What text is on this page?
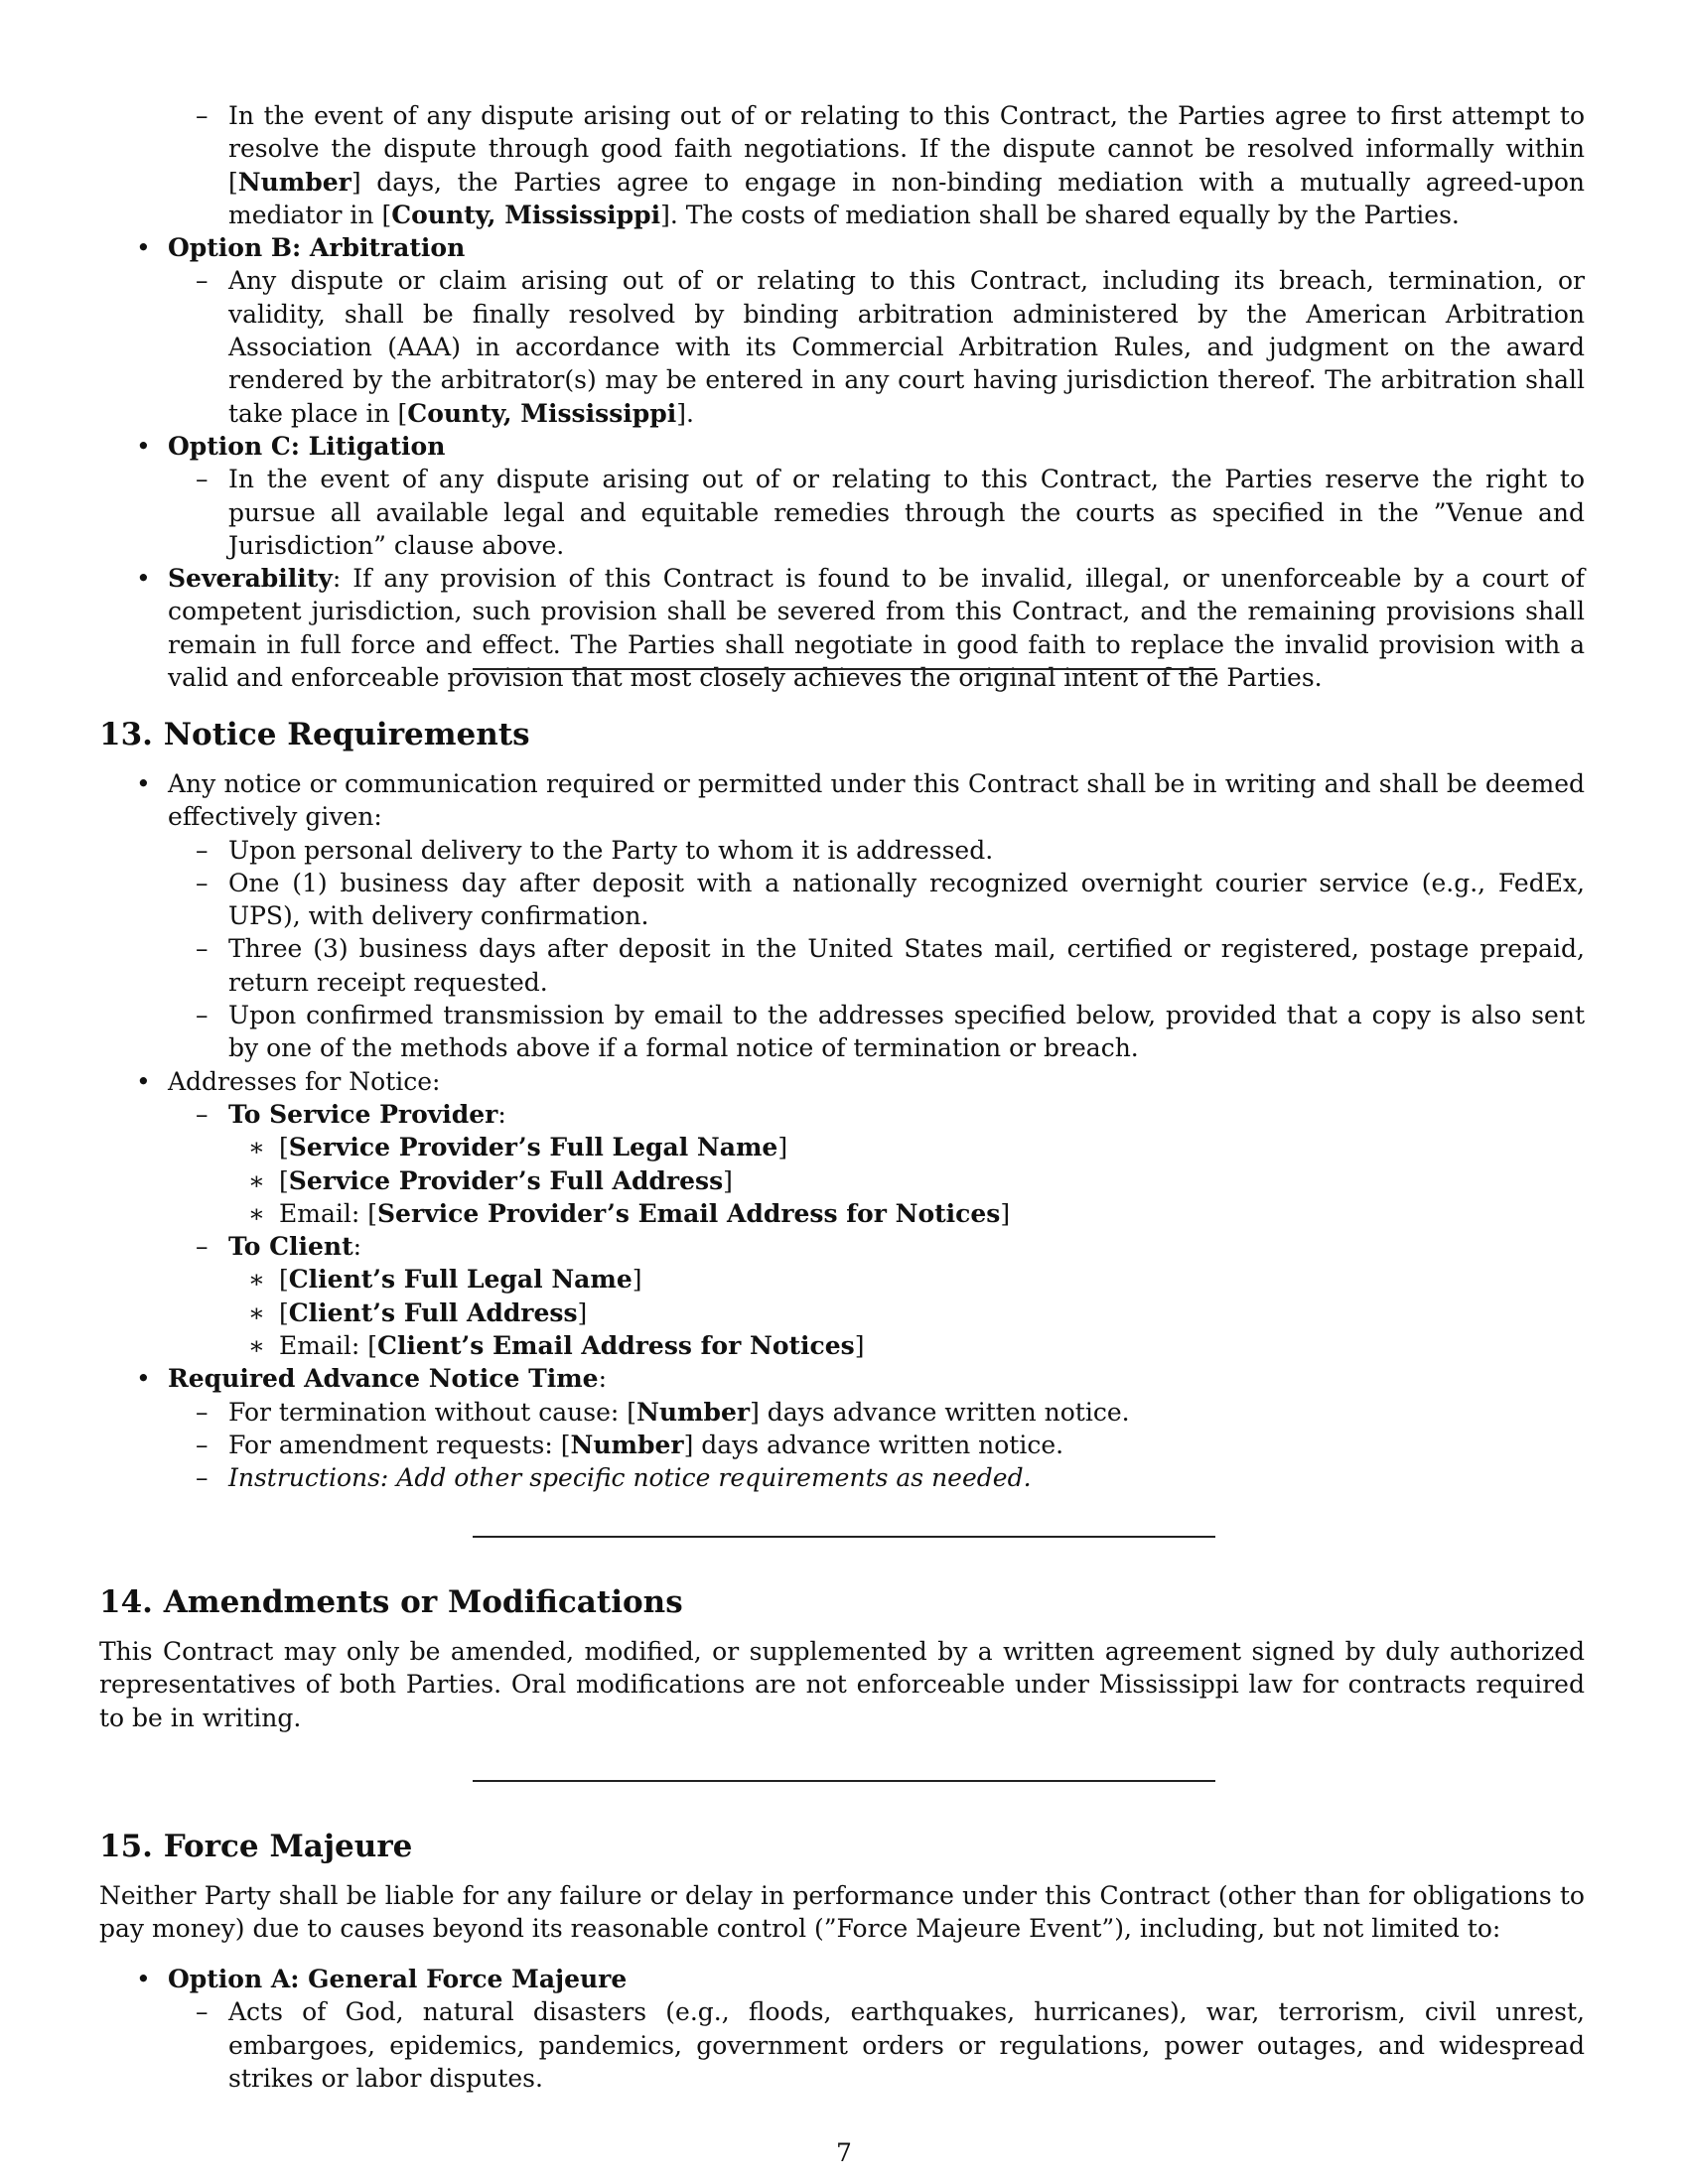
– In the event of any dispute arising out of or relating to this Contract, the Parties agree to first attempt to resolve the dispute through good faith negotiations. If the dispute cannot be resolved informally within [Number] days, the Parties agree to engage in non-binding mediation with a mutually agreed-upon mediator in [County, Mississippi]. The costs of mediation shall be shared equally by the Parties.
• Option B: Arbitration
– Any dispute or claim arising out of or relating to this Contract, including its breach, termination, or validity, shall be finally resolved by binding arbitration administered by the American Arbitration Association (AAA) in accordance with its Commercial Arbitration Rules, and judgment on the award rendered by the arbitrator(s) may be entered in any court having jurisdiction thereof. The arbitration shall take place in [County, Mississippi].
• Option C: Litigation
– In the event of any dispute arising out of or relating to this Contract, the Parties reserve the right to pursue all available legal and equitable remedies through the courts as specified in the ”Venue and Jurisdiction” clause above.
• Severability: If any provision of this Contract is found to be invalid, illegal, or unenforceable by a court of competent jurisdiction, such provision shall be severed from this Contract, and the remaining provisions shall remain in full force and effect. The Parties shall negotiate in good faith to replace the invalid provision with a valid and enforceable provision that most closely achieves the original intent of the Parties.
13. Notice Requirements
• Any notice or communication required or permitted under this Contract shall be in writing and shall be deemed effectively given:
– Upon personal delivery to the Party to whom it is addressed.
– One (1) business day after deposit with a nationally recognized overnight courier service (e.g., FedEx, UPS), with delivery confirmation.
– Three (3) business days after deposit in the United States mail, certified or registered, postage prepaid, return receipt requested.
– Upon confirmed transmission by email to the addresses specified below, provided that a copy is also sent by one of the methods above if a formal notice of termination or breach.
• Addresses for Notice:
– To Service Provider:
∗ [Service Provider’s Full Legal Name]
∗ [Service Provider’s Full Address]
∗ Email: [Service Provider’s Email Address for Notices]
– To Client:
∗ [Client’s Full Legal Name]
∗ [Client’s Full Address]
∗ Email: [Client’s Email Address for Notices]
• Required Advance Notice Time:
– For termination without cause: [Number] days advance written notice.
– For amendment requests: [Number] days advance written notice.
– Instructions: Add other specific notice requirements as needed.
14. Amendments or Modifications

This Contract may only be amended, modified, or supplemented by a written agreement signed by duly authorized representatives of both Parties. Oral modifications are not enforceable under Mississippi law for contracts required to be in writing.

15. Force Majeure

Neither Party shall be liable for any failure or delay in performance under this Contract (other than for obligations to pay money) due to causes beyond its reasonable control (”Force Majeure Event”), including, but not limited to:

• Option A: General Force Majeure
– Acts of God, natural disasters (e.g., floods, earthquakes, hurricanes), war, terrorism, civil unrest, embargoes, epidemics, pandemics, government orders or regulations, power outages, and widespread strikes or labor disputes.
7
